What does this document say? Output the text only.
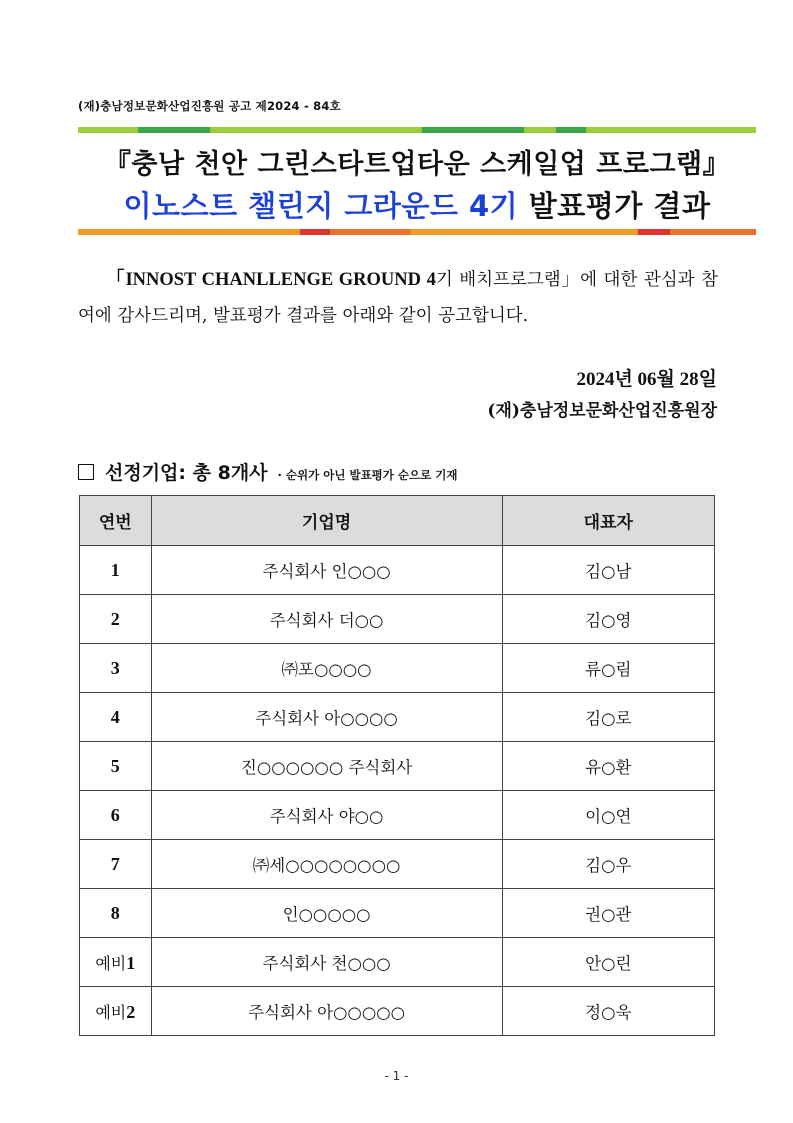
(재)충남정보문화산업진흥원 공고 제2024 - 84호
『충남 천안 그린스타트업타운 스케일업 프로그램』
이노스트 챌린지 그라운드 4기 발표평가 결과
「INNOST CHANLLENGE GROUND 4기 배치프로그램」에 대한 관심과 참여에 감사드리며, 발표평가 결과를 아래와 같이 공고합니다.
2024년 06월 28일
(재)충남정보문화산업진흥원장
선정기업: 총 8개사 · 순위가 아닌 발표평가 순으로 기재
연번	기업명	대표자
1	주식회사 인○○○	김○남
2	주식회사 더○○	김○영
3	㈜포○○○○	류○림
4	주식회사 아○○○○	김○로
5	진○○○○○○ 주식회사	유○환
6	주식회사 야○○	이○연
7	㈜세○○○○○○○○	김○우
8	인○○○○○	권○관
예비1	주식회사 천○○○	안○린
예비2	주식회사 아○○○○○	정○욱
- 1 -
